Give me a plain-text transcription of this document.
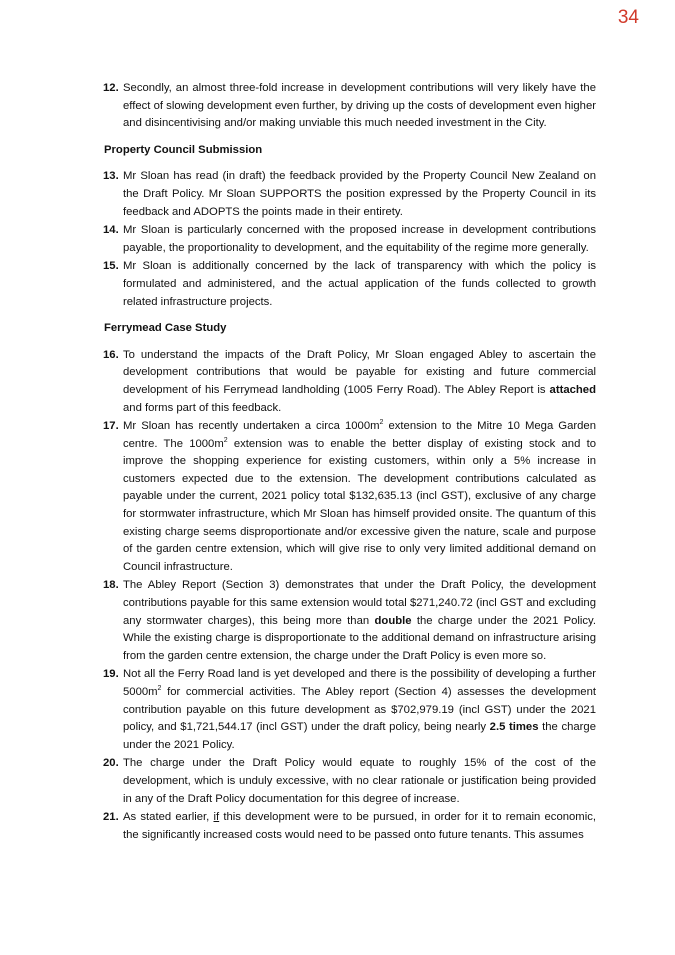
34

12. Secondly, an almost three-fold increase in development contributions will very likely have the effect of slowing development even further, by driving up the costs of development even higher and disincentivising and/or making unviable this much needed investment in the City.

Property Council Submission

13. Mr Sloan has read (in draft) the feedback provided by the Property Council New Zealand on the Draft Policy. Mr Sloan SUPPORTS the position expressed by the Property Council in its feedback and ADOPTS the points made in their entirety.

14. Mr Sloan is particularly concerned with the proposed increase in development contributions payable, the proportionality to development, and the equitability of the regime more generally.

15. Mr Sloan is additionally concerned by the lack of transparency with which the policy is formulated and administered, and the actual application of the funds collected to growth related infrastructure projects.

Ferrymead Case Study

16. To understand the impacts of the Draft Policy, Mr Sloan engaged Abley to ascertain the development contributions that would be payable for existing and future commercial development of his Ferrymead landholding (1005 Ferry Road). The Abley Report is attached and forms part of this feedback.

17. Mr Sloan has recently undertaken a circa $1000m^2$ extension to the Mitre 10 Mega Garden centre. The $1000m^2$ extension was to enable the better display of existing stock and to improve the shopping experience for existing customers, within only a 5% increase in customers expected due to the extension. The development contributions calculated as payable under the current, 2021 policy total $132,635.13 (incl GST), exclusive of any charge for stormwater infrastructure, which Mr Sloan has himself provided onsite. The quantum of this existing charge seems disproportionate and/or excessive given the nature, scale and purpose of the garden centre extension, which will give rise to only very limited additional demand on Council infrastructure.

18. The Abley Report (Section 3) demonstrates that under the Draft Policy, the development contributions payable for this same extension would total $271,240.72 (incl GST and excluding any stormwater charges), this being more than double the charge under the 2021 Policy. While the existing charge is disproportionate to the additional demand on infrastructure arising from the garden centre extension, the charge under the Draft Policy is even more so.

19. Not all the Ferry Road land is yet developed and there is the possibility of developing a further $5000m^2$ for commercial activities. The Abley report (Section 4) assesses the development contribution payable on this future development as $702,979.19 (incl GST) under the 2021 policy, and $1,721,544.17 (incl GST) under the draft policy, being nearly 2.5 times the charge under the 2021 Policy.

20. The charge under the Draft Policy would equate to roughly 15% of the cost of the development, which is unduly excessive, with no clear rationale or justification being provided in any of the Draft Policy documentation for this degree of increase.

21. As stated earlier, if this development were to be pursued, in order for it to remain economic, the significantly increased costs would need to be passed onto future tenants. This assumes
